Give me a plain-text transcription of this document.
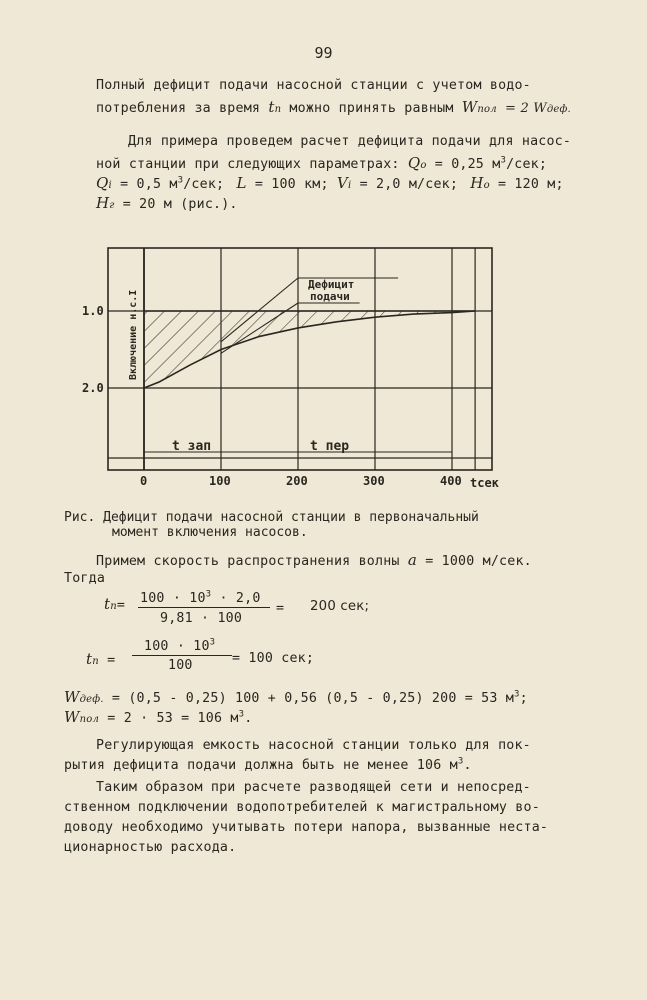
99
Полный дефицит подачи насосной станции с учетом водо-
потребления за время tп можно принять равным Wпол = 2 Wдеф.
Для примера проведем расчет дефицита подачи для насос-
ной станции при следующих параметрах: Qо = 0,25 $м^3$/сек;
Qi = 0,5 $м^3$/сек; L = 100 км; Vi = 2,0 м/сек; Hо = 120 м;
Hг = 20 м (рис.).
0	100	200	300	400
2.0
1.0 Включение н.с.I
Дефицит
подачи
t зап	t пер
tсек
Рис. Дефицит подачи насосной станции в первоначальный
момент включения насосов.
Примем скорость распространения волны a = 1000 м/сек.
Тогда
$tп= 100 \cdot 10^3 \cdot 2,0$
=
9,81 · 100
200 сек;
$100 \cdot 10^3$
tп =	100	= 100 сек;
Wдеф. = (0,5 - 0,25) 100 + 0,56 (0,5 - 0,25) 200 = 53 $м^3$;
Wпол = 2 · 53 = 106 $м^3$.
Регулирующая емкость насосной станции только для пок-
рытия дефицита подачи должна быть не менее 106 $м^3$.
Таким образом при расчете разводящей сети и непосред-
ственном подключении водопотребителей к магистральному во-
доводу необходимо учитывать потери напора, вызванные неста-
ционарностью расхода.
